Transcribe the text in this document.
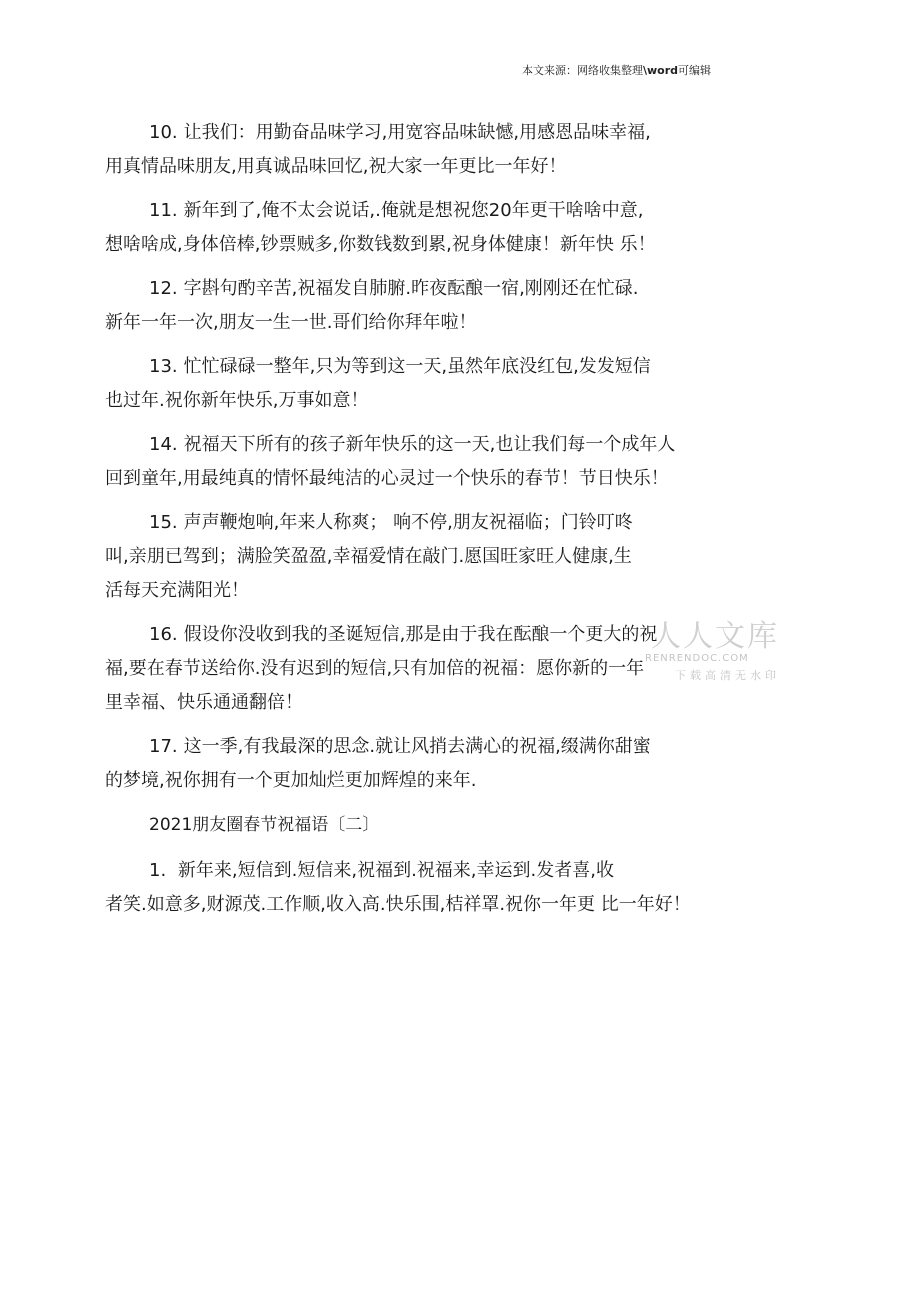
本文来源：网络收集整理\word可编辑
10. 让我们：用勤奋品味学习,用宽容品味缺憾,用感恩品味幸福,
用真情品味朋友,用真诚品味回忆,祝大家一年更比一年好！
11. 新年到了,俺不太会说话,.俺就是想祝您20年更干啥啥中意,
想啥啥成,身体倍棒,钞票贼多,你数钱数到累,祝身体健康！新年快 乐！
12. 字斟句酌辛苦,祝福发自肺腑.昨夜酝酿一宿,刚刚还在忙碌.
新年一年一次,朋友一生一世.哥们给你拜年啦！
13. 忙忙碌碌一整年,只为等到这一天,虽然年底没红包,发发短信
也过年.祝你新年快乐,万事如意！
14. 祝福天下所有的孩子新年快乐的这一天,也让我们每一个成年人
回到童年,用最纯真的情怀最纯洁的心灵过一个快乐的春节！节日快乐！
15. 声声鞭炮响,年来人称爽； 响不停,朋友祝福临；门铃叮咚
叫,亲朋已驾到；满脸笑盈盈,幸福爱情在敲门.愿国旺家旺人健康,生
活每天充满阳光！
16. 假设你没收到我的圣诞短信,那是由于我在酝酿一个更大的祝
福,要在春节送给你.没有迟到的短信,只有加倍的祝福：愿你新的一年
里幸福、快乐通通翻倍！
17. 这一季,有我最深的思念.就让风捎去满心的祝福,缀满你甜蜜
的梦境,祝你拥有一个更加灿烂更加辉煌的来年.
2021朋友圈春节祝福语〔二〕
1. 新年来,短信到.短信来,祝福到.祝福来,幸运到.发者喜,收
者笑.如意多,财源茂.工作顺,收入高.快乐围,桔祥罩.祝你一年更 比一年好！
人人文库
RENRENDOC.COM
下载高清无水印
